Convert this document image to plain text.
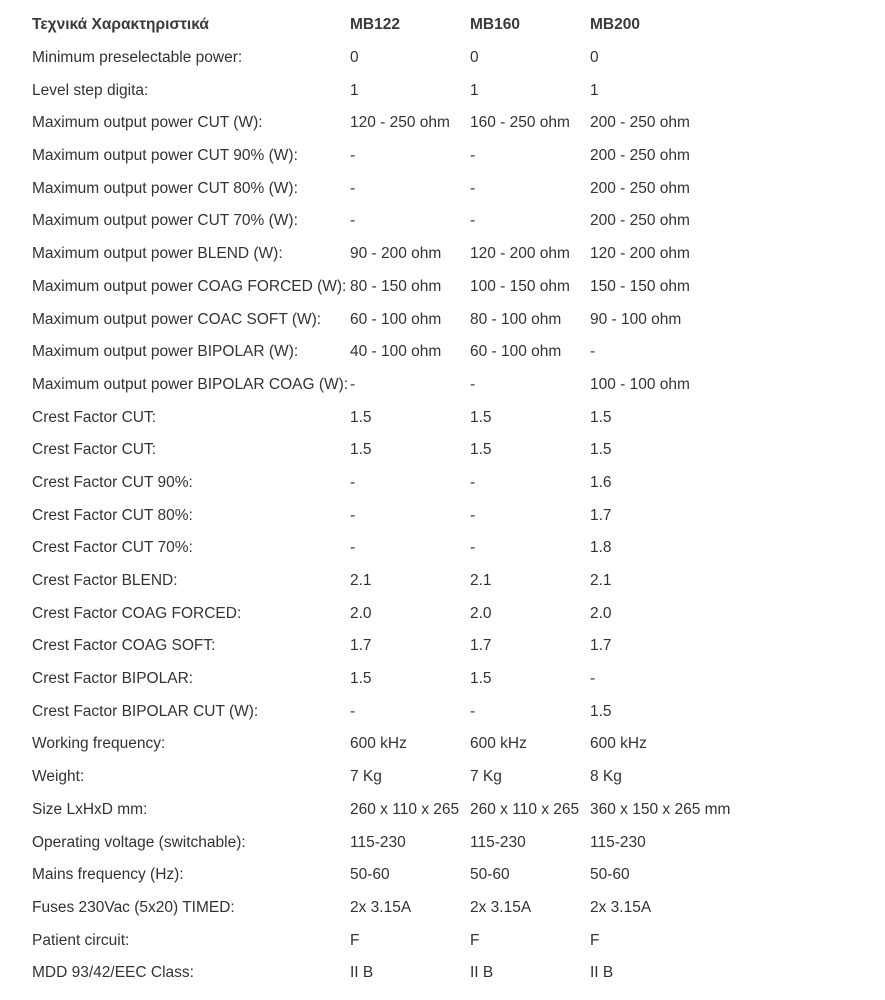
Τεχνικά Χαρακτηριστικά	MB122	MB160	MB200
Minimum preselectable power:	0	0	0
Level step digita:	1	1	1
Maximum output power CUT (W):	120 - 250 ohm	160 - 250 ohm	200 - 250 ohm
Maximum output power CUT 90% (W):	-	-	200 - 250 ohm
Maximum output power CUT 80% (W):	-	-	200 - 250 ohm
Maximum output power CUT 70% (W):	-	-	200 - 250 ohm
Maximum output power BLEND (W):	90 - 200 ohm	120 - 200 ohm	120 - 200 ohm
Maximum output power COAG FORCED (W):	80 - 150 ohm	100 - 150 ohm	150 - 150 ohm
Maximum output power COAC SOFT (W):	60 - 100 ohm	80 - 100 ohm	90 - 100 ohm
Maximum output power BIPOLAR (W):	40 - 100 ohm	60 - 100 ohm	-
Maximum output power BIPOLAR COAG (W):	-	-	100 - 100 ohm
Crest Factor CUT:	1.5	1.5	1.5
Crest Factor CUT:	1.5	1.5	1.5
Crest Factor CUT 90%:	-	-	1.6
Crest Factor CUT 80%:	-	-	1.7
Crest Factor CUT 70%:	-	-	1.8
Crest Factor BLEND:	2.1	2.1	2.1
Crest Factor COAG FORCED:	2.0	2.0	2.0
Crest Factor COAG SOFT:	1.7	1.7	1.7
Crest Factor BIPOLAR:	1.5	1.5	-
Crest Factor BIPOLAR CUT (W):	-	-	1.5
Working frequency:	600 kHz	600 kHz	600 kHz
Weight:	7 Kg	7 Kg	8 Kg
Size LxHxD mm:	260 x 110 x 265	260 x 110 x 265	360 x 150 x 265 mm
Operating voltage (switchable):	115-230	115-230	115-230
Mains frequency (Hz):	50-60	50-60	50-60
Fuses 230Vac (5x20) TIMED:	2x 3.15A	2x 3.15A	2x 3.15A
Patient circuit:	F	F	F
MDD 93/42/EEC Class:	II B	II B	II B
